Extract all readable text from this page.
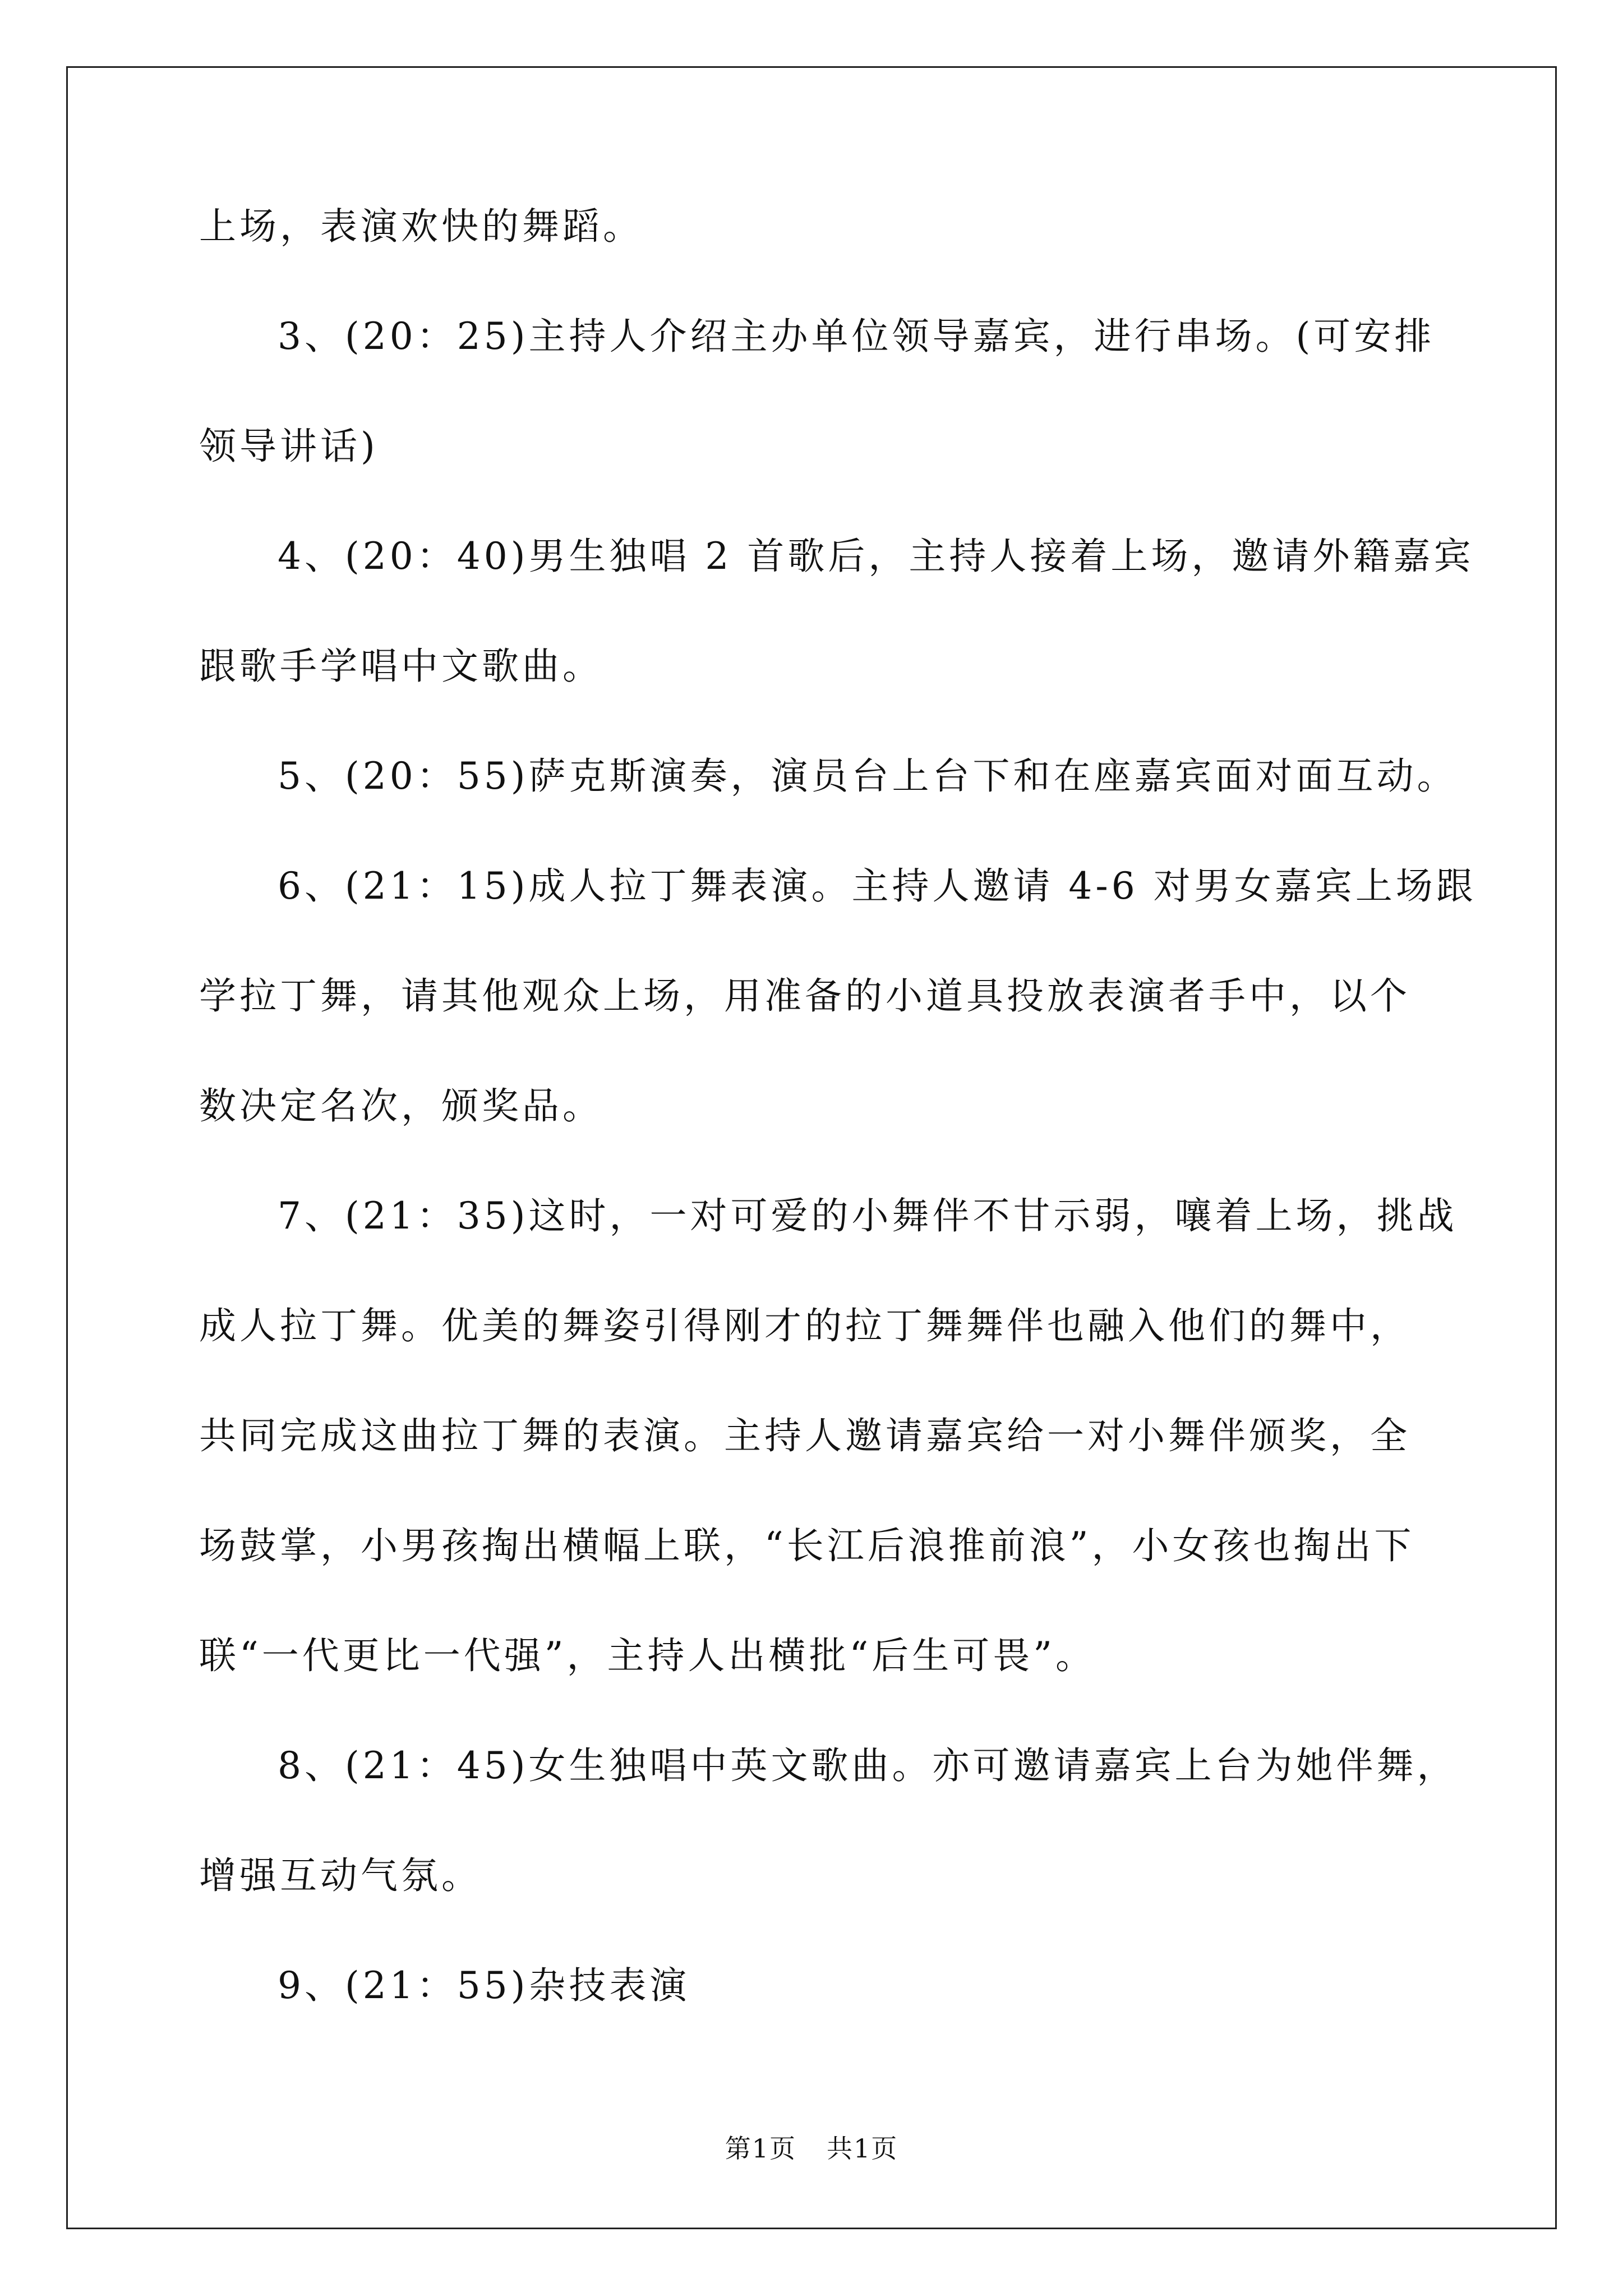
上场，表演欢快的舞蹈。
3、(20：25)主持人介绍主办单位领导嘉宾，进行串场。(可安排
领导讲话)
4、(20：40)男生独唱 2 首歌后，主持人接着上场，邀请外籍嘉宾
跟歌手学唱中文歌曲。
5、(20：55)萨克斯演奏，演员台上台下和在座嘉宾面对面互动。
6、(21：15)成人拉丁舞表演。主持人邀请 4-6 对男女嘉宾上场跟
学拉丁舞，请其他观众上场，用准备的小道具投放表演者手中，以个
数决定名次，颁奖品。
7、(21：35)这时，一对可爱的小舞伴不甘示弱，嚷着上场，挑战
成人拉丁舞。优美的舞姿引得刚才的拉丁舞舞伴也融入他们的舞中，
共同完成这曲拉丁舞的表演。主持人邀请嘉宾给一对小舞伴颁奖，全
场鼓掌，小男孩掏出横幅上联，“长江后浪推前浪”，小女孩也掏出下
联“一代更比一代强”，主持人出横批“后生可畏”。
8、(21：45)女生独唱中英文歌曲。亦可邀请嘉宾上台为她伴舞，
增强互动气氛。
9、(21：55)杂技表演
第1页 共1页
